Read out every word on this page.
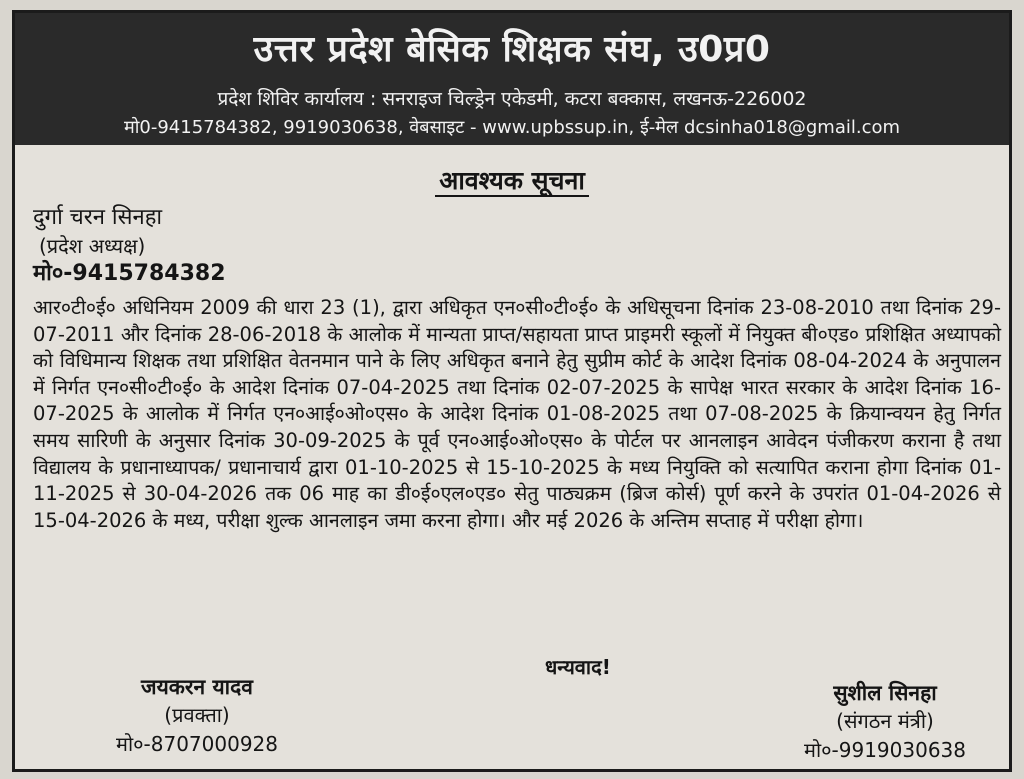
उत्तर प्रदेश बेसिक शिक्षक संघ, उ0प्र0
प्रदेश शिविर कार्यालय : सनराइज चिल्ड्रेन एकेडमी, कटरा बक्कास, लखनऊ-226002
मो0-9415784382, 9919030638, वेबसाइट - www.upbssup.in, ई-मेल dcsinha018@gmail.com
आवश्यक सूचना
दुर्गा चरन सिनहा
(प्रदेश अध्यक्ष)
मो०-9415784382
आर०टी०ई० अधिनियम 2009 की धारा 23 (1), द्वारा अधिकृत एन०सी०टी०ई० के अधिसूचना दिनांक 23-08-2010 तथा दिनांक 29-07-2011 और दिनांक 28-06-2018 के आलोक में मान्यता प्राप्त/सहायता प्राप्त प्राइमरी स्कूलों में नियुक्त बी०एड० प्रशिक्षित अध्यापको को विधिमान्य शिक्षक तथा प्रशिक्षित वेतनमान पाने के लिए अधिकृत बनाने हेतु सुप्रीम कोर्ट के आदेश दिनांक 08-04-2024 के अनुपालन में निर्गत एन०सी०टी०ई० के आदेश दिनांक 07-04-2025 तथा दिनांक 02-07-2025 के सापेक्ष भारत सरकार के आदेश दिनांक 16-07-2025 के आलोक में निर्गत एन०आई०ओ०एस० के आदेश दिनांक 01-08-2025 तथा 07-08-2025 के क्रियान्वयन हेतु निर्गत समय सारिणी के अनुसार दिनांक 30-09-2025 के पूर्व एन०आई०ओ०एस० के पोर्टल पर आनलाइन आवेदन पंजीकरण कराना है तथा विद्यालय के प्रधानाध्यापक/ प्रधानाचार्य द्वारा 01-10-2025 से 15-10-2025 के मध्य नियुक्ति को सत्यापित कराना होगा दिनांक 01-11-2025 से 30-04-2026 तक 06 माह का डी०ई०एल०एड० सेतु पाठ्यक्रम (ब्रिज कोर्स) पूर्ण करने के उपरांत 01-04-2026 से 15-04-2026 के मध्य, परीक्षा शुल्क आनलाइन जमा करना होगा। और मई 2026 के अन्तिम सप्ताह में परीक्षा होगा।
धन्यवाद!
जयकरन यादव
(प्रवक्ता)
मो०-8707000928
सुशील सिनहा
(संगठन मंत्री)
मो०-9919030638
